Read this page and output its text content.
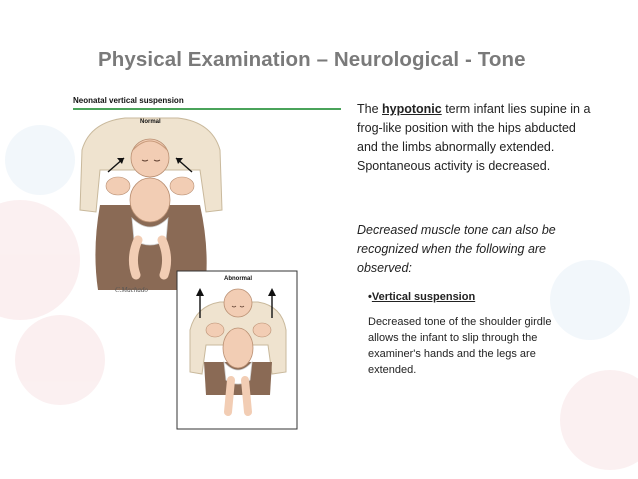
Physical Examination – Neurological - Tone
Neonatal vertical suspension
Normal
C.Machado
Abnormal
The hypotonic term infant lies supine in a frog-like position with the hips abducted and the limbs abnormally extended. Spontaneous activity is decreased.
Decreased muscle tone can also be recognized when the following are observed:
•Vertical suspension
Decreased tone of the shoulder girdle allows the infant to slip through the examiner's hands and the legs are extended.
